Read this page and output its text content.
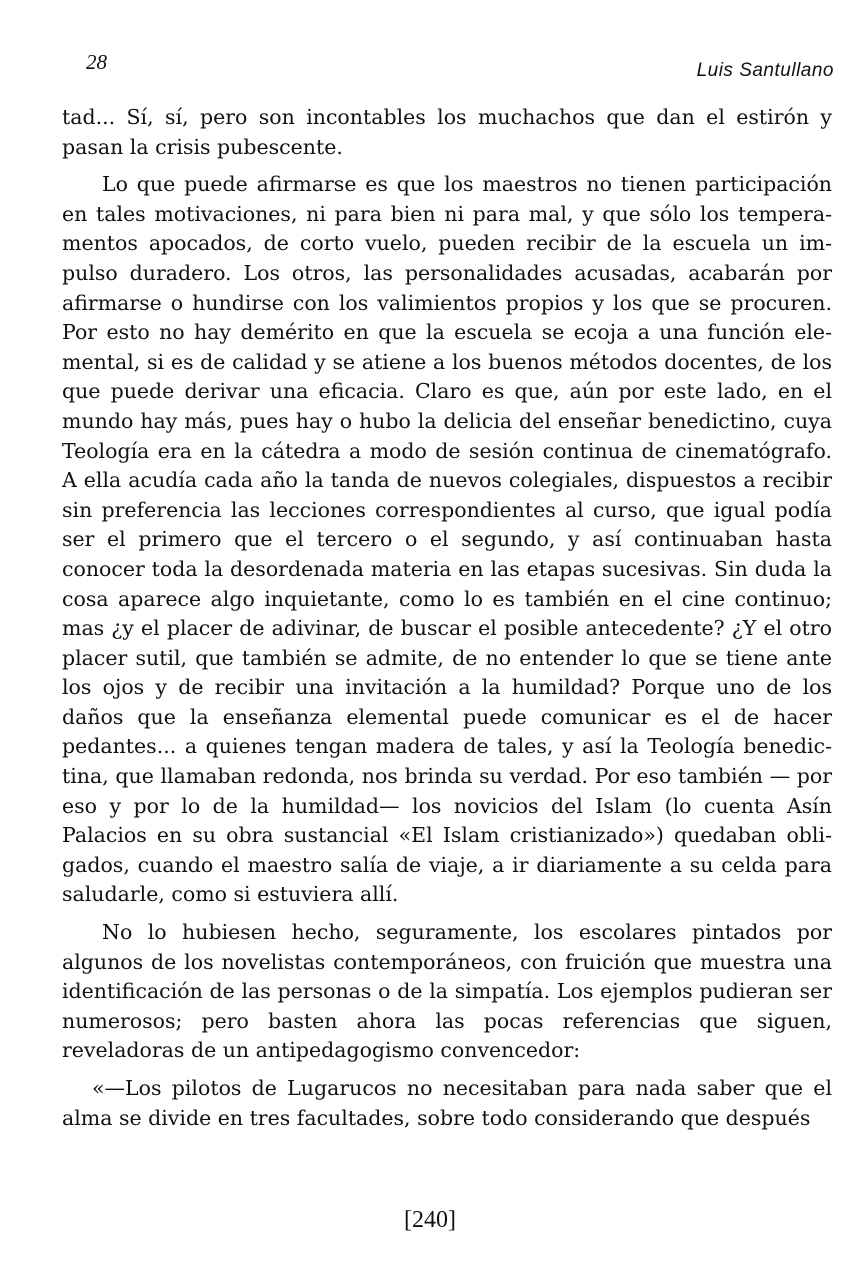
28	Luis Santullano

tad... Sí, sí, pero son incontables los muchachos que dan el estirón y pasan la crisis pubescente.

Lo que puede afirmarse es que los maestros no tienen participación en tales motivaciones, ni para bien ni para mal, y que sólo los temperamentos apocados, de corto vuelo, pueden recibir de la escuela un impulso duradero. Los otros, las personalidades acusadas, acabarán por afirmarse o hundirse con los valimientos propios y los que se procuren. Por esto no hay demérito en que la escuela se ecoja a una función elemental, si es de calidad y se atiene a los buenos métodos docentes, de los que puede derivar una eficacia. Claro es que, aún por este lado, en el mundo hay más, pues hay o hubo la delicia del enseñar benedictino, cuya Teología era en la cátedra a modo de sesión continua de cinematógrafo. A ella acudía cada año la tanda de nuevos colegiales, dispuestos a recibir sin preferencia las lecciones correspondientes al curso, que igual podía ser el primero que el tercero o el segundo, y así continuaban hasta conocer toda la desordenada materia en las etapas sucesivas. Sin duda la cosa aparece algo inquietante, como lo es también en el cine continuo; mas ¿y el placer de adivinar, de buscar el posible antecedente? ¿Y el otro placer sutil, que también se admite, de no entender lo que se tiene ante los ojos y de recibir una invitación a la humildad? Porque uno de los daños que la enseñanza elemental puede comunicar es el de hacer pedantes... a quienes tengan madera de tales, y así la Teología benedictina, que llamaban redonda, nos brinda su verdad. Por eso también — por eso y por lo de la humildad— los novicios del Islam (lo cuenta Asín Palacios en su obra sustancial «El Islam cristianizado») quedaban obligados, cuando el maestro salía de viaje, a ir diariamente a su celda para saludarle, como si estuviera allí.

No lo hubiesen hecho, seguramente, los escolares pintados por algunos de los novelistas contemporáneos, con fruición que muestra una identificación de las personas o de la simpatía. Los ejemplos pudieran ser numerosos; pero basten ahora las pocas referencias que siguen, reveladoras de un antipedagogismo convencedor:

«—Los pilotos de Lugarucos no necesitaban para nada saber que el alma se divide en tres facultades, sobre todo considerando que después

[240]
